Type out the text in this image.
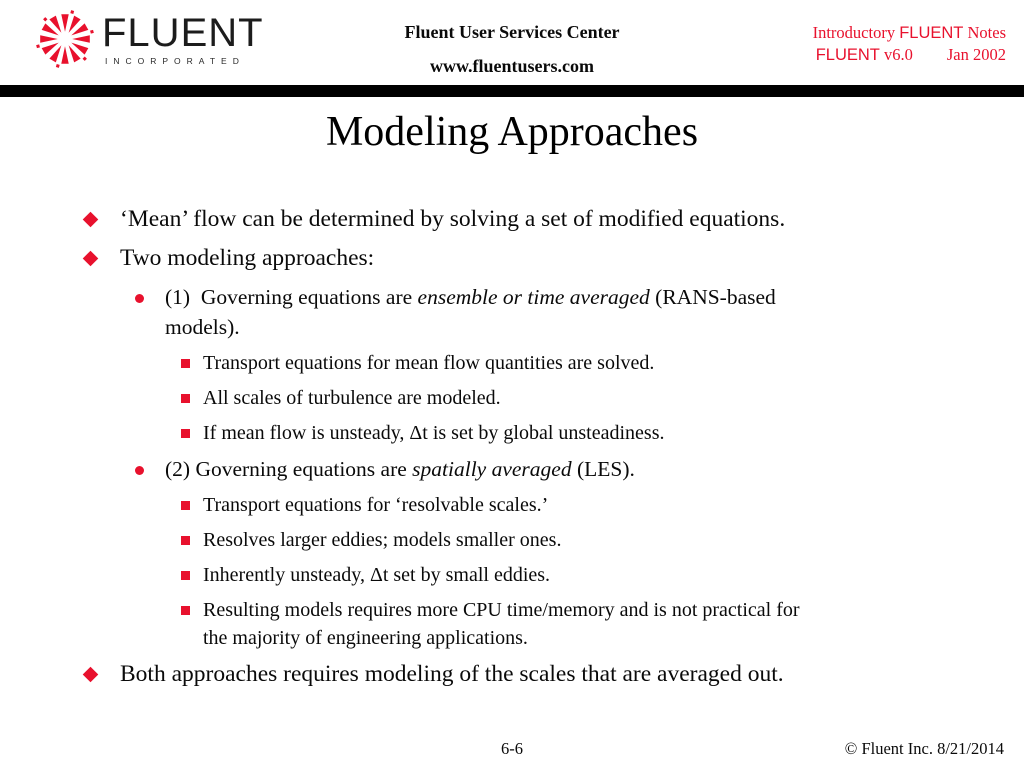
FLUENT
INCORPORATED
Fluent User Services Center
www.fluentusers.com
Introductory FLUENT Notes
FLUENT v6.0 Jan 2002
Modeling Approaches
‘Mean’ flow can be determined by solving a set of modified equations.
Two modeling approaches:
(1)  Governing equations are ensemble or time averaged (RANS-based
models).
Transport equations for mean flow quantities are solved.
All scales of turbulence are modeled.
If mean flow is unsteady, Δt is set by global unsteadiness.
(2) Governing equations are spatially averaged (LES).
Transport equations for ‘resolvable scales.’
Resolves larger eddies; models smaller ones.
Inherently unsteady, Δt set by small eddies.
Resulting models requires more CPU time/memory and is not practical for
the majority of engineering applications.
Both approaches requires modeling of the scales that are averaged out.
6-6	© Fluent Inc. 8/21/2014
